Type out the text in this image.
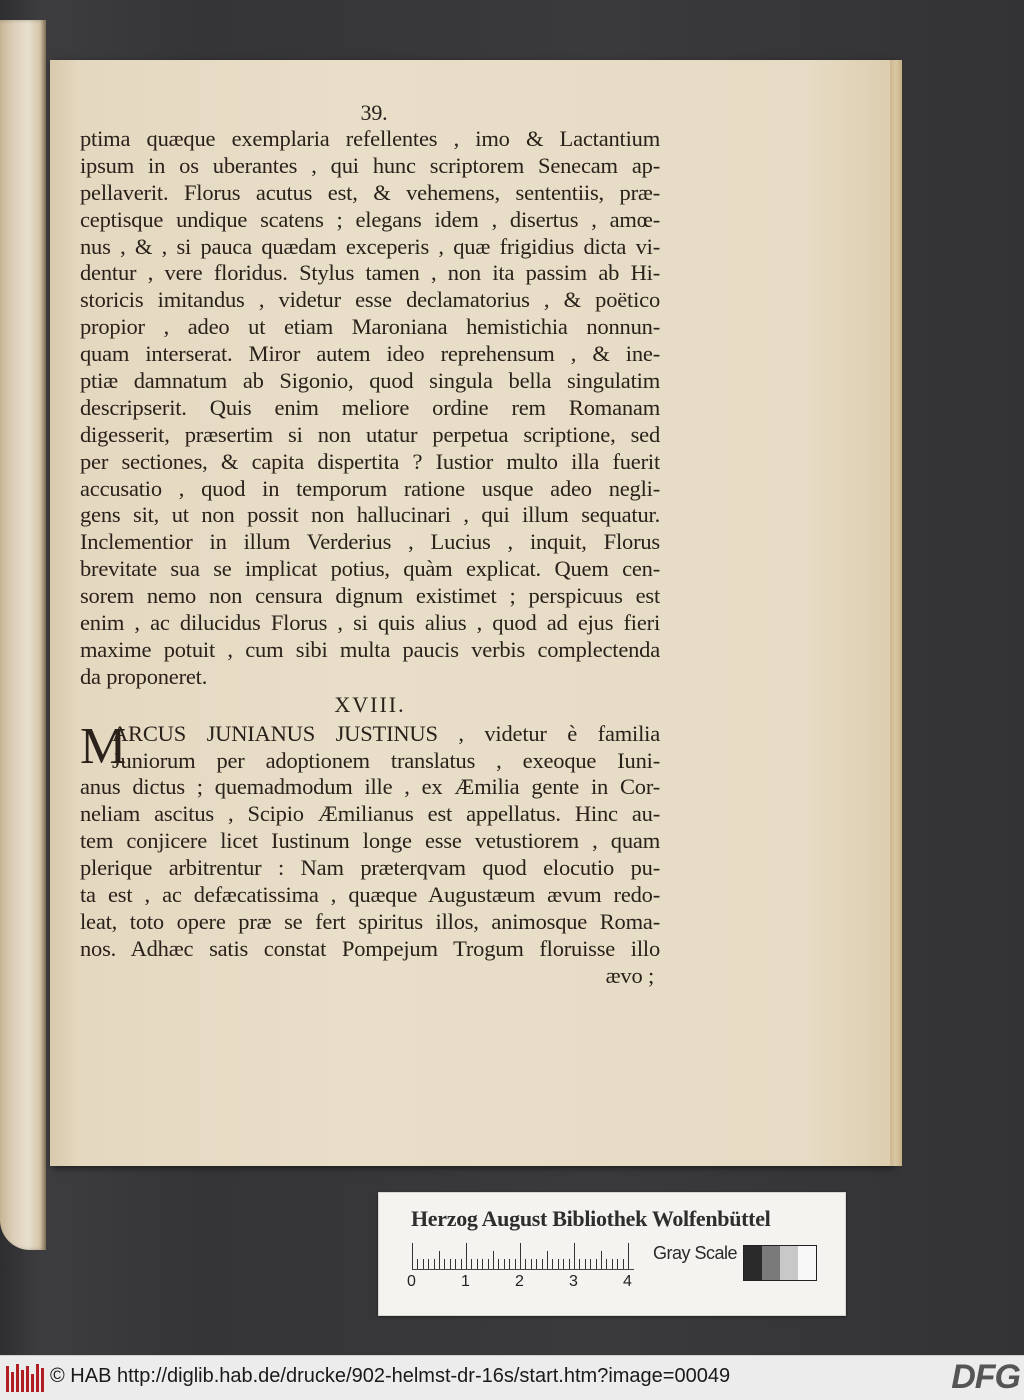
39.
ptima quæque exemplaria refellentes , imo & Lactantium
ipsum in os uberantes , qui hunc scriptorem Senecam ap-
pellaverit. Florus acutus est, & vehemens, sententiis, præ-
ceptisque undique scatens ; elegans idem , disertus , amœ-
nus , & , si pauca quædam exceperis , quæ frigidius dicta vi-
dentur , vere floridus. Stylus tamen , non ita passim ab Hi-
storicis imitandus , videtur esse declamatorius , & poëtico
propior , adeo ut etiam Maroniana hemistichia nonnun-
quam interserat. Miror autem ideo reprehensum , & ine-
ptiæ damnatum ab Sigonio, quod singula bella singulatim
descripserit. Quis enim meliore ordine rem Romanam
digesserit, præsertim si non utatur perpetua scriptione, sed
per sectiones, & capita dispertita ? Iustior multo illa fuerit
accusatio , quod in temporum ratione usque adeo negli-
gens sit, ut non possit non hallucinari , qui illum sequatur.
Inclementior in illum Verderius , Lucius , inquit, Florus
brevitate sua se implicat potius, quàm explicat. Quem cen-
sorem nemo non censura dignum existimet ; perspicuus est
enim , ac dilucidus Florus , si quis alius , quod ad ejus fieri
maxime potuit , cum sibi multa paucis verbis complectenda
da proponeret.
XVIII.
M
ARCUS JUNIANUS JUSTINUS , videtur è familia
Juniorum per adoptionem translatus , exeoque Iuni-
anus dictus ; quemadmodum ille , ex Æmilia gente in Cor-
neliam ascitus , Scipio Æmilianus est appellatus. Hinc au-
tem conjicere licet Iustinum longe esse vetustiorem , quam
plerique arbitrentur : Nam præterqvam quod elocutio pu-
ta est , ac defæcatissima , quæque Augustæum ævum redo-
leat, toto opere præ se fert spiritus illos, animosque Roma-
nos. Adhæc satis constat Pompejum Trogum floruisse illo
ævo ;
Herzog August Bibliothek Wolfenbüttel
0	1	2	3	4
Gray Scale
© HAB http://diglib.hab.de/drucke/902-helmst-dr-16s/start.htm?image=00049	DFG
